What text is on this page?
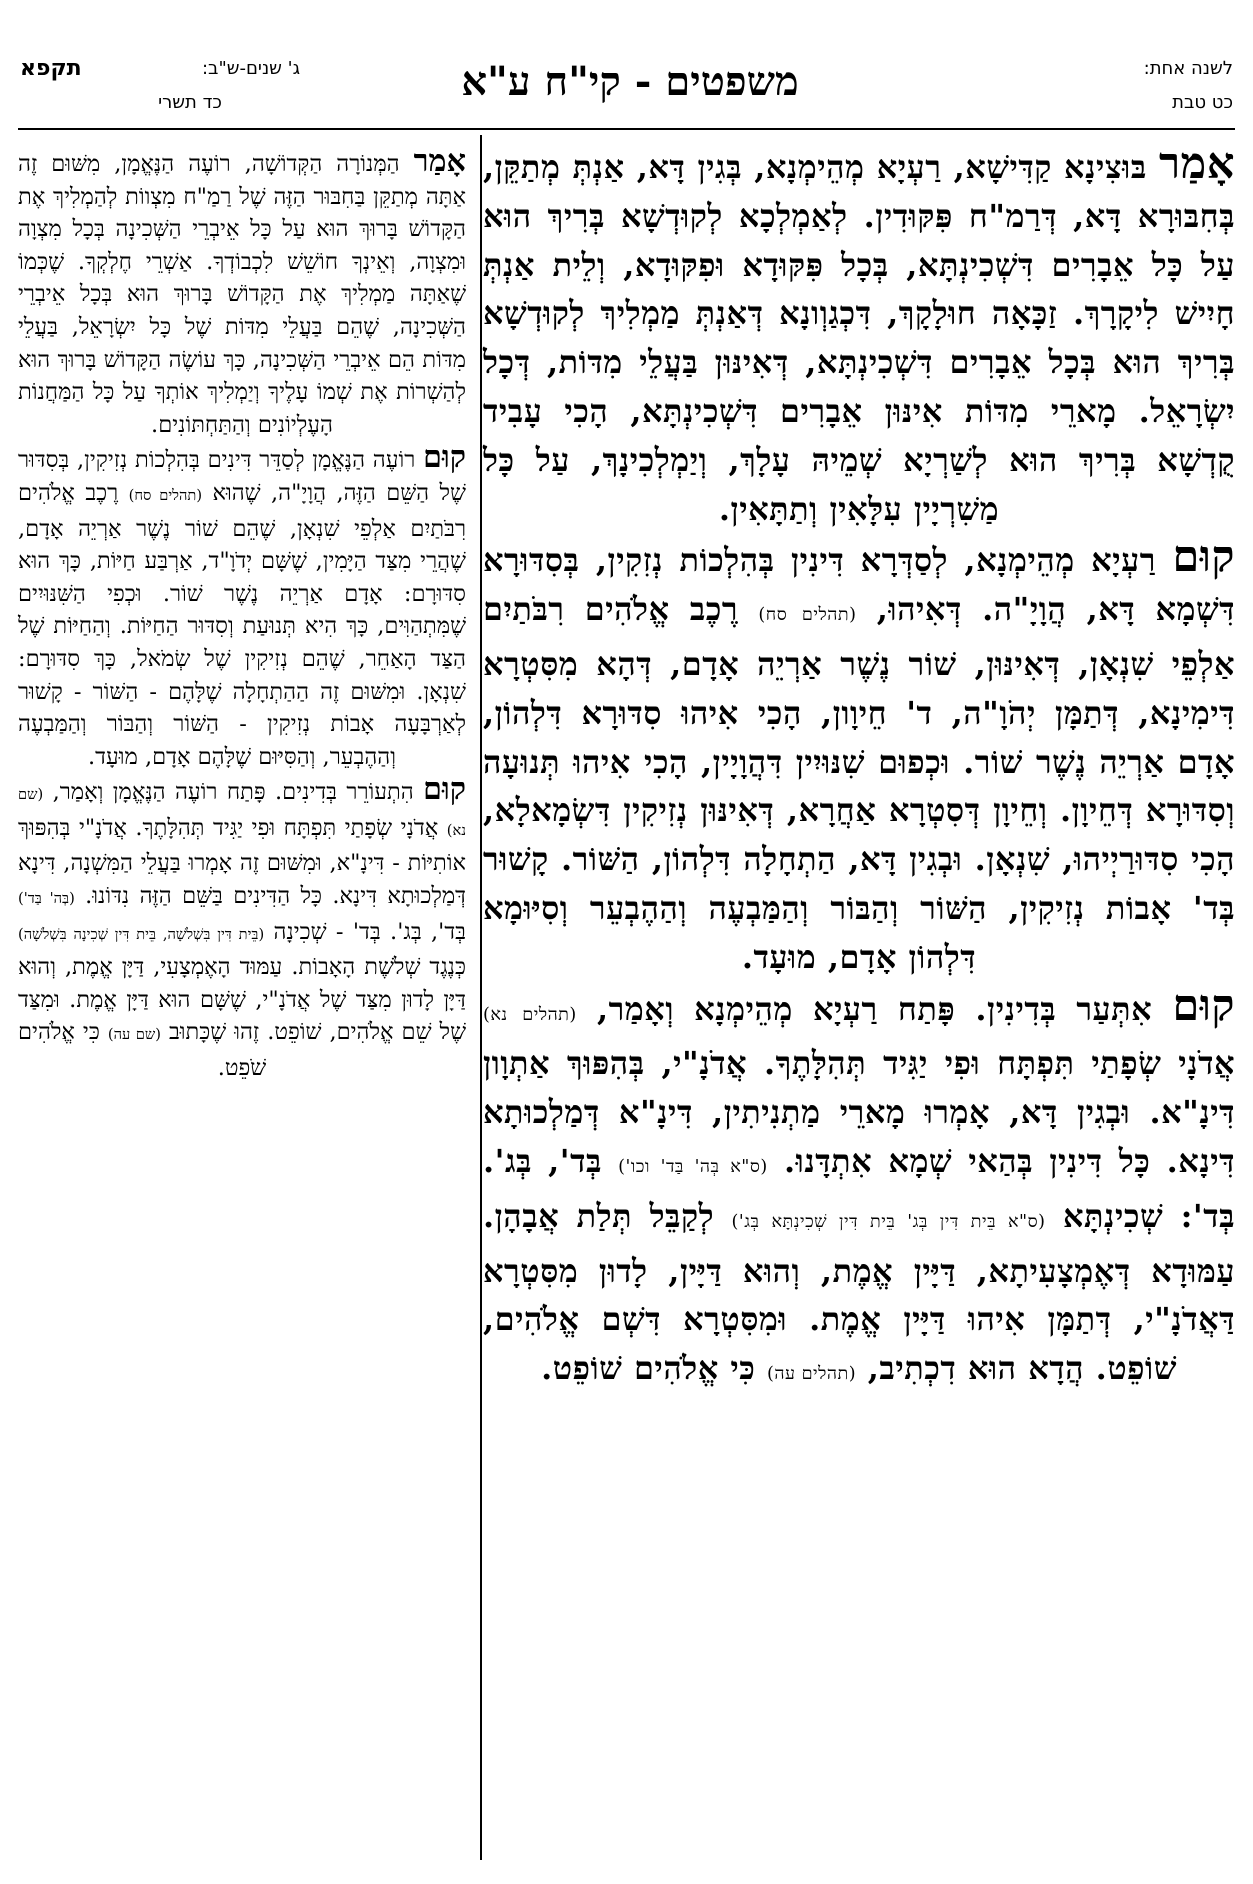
לשנה אחת:
כט טבת
משפטים - קי"ח ע"א
ג' שנים-ש"ב:
תקפא
כד תשרי

אָמַר בּוּצִינָא קַדִּישָׁא, רַעְיָא מְהֵימְנָא, בְּגִין דָּא, אַנְתְּ מְתַקֵּן, בְּחִבּוּרָא דָּא, דְּרַמ"ח פִּקּוּדִין. לְאַמְלְכָא לְקוּדְשָׁא בְּרִיךְ הוּא עַל כָּל אֵבָרִים דִּשְׁכִינְתָּא, בְּכָל פִּקּוּדָא וּפִקּוּדָא, וְלֵית אַנְתְּ חָיִישׁ לִיקָרָךְ. זַכָּאָה חוּלָקָךְ, דִּכְגַוְונָא דְּאַנְתְּ מַמְלִיךְ לְקוּדְשָׁא בְּרִיךְ הוּא בְּכָל אֵבָרִים דִּשְׁכִינְתָּא, דְּאִינּוּן בַּעֲלֵי מִדּוֹת, דְּכָל יִשְׂרָאֵל. מָארֵי מִדּוֹת אִינּוּן אֵבָרִים דִּשְׁכִינְתָּא, הָכִי עָבִיד קֻדְשָׁא בְּרִיךְ הוּא לְשַׁרְיָא שְׁמֵיהּ עָלָךְ, וְיַמְלְכִינָךְ, עַל כָּל מַשִׁרְיָין עִלָּאִין וְתַתָּאִין.

קוּם רַעְיָא מְהֵימְנָא, לְסַדְּרָא דִּינִין בְּהִלְכוֹת נְזִקִין, בְּסִדּוּרָא דִּשְׁמָא דָּא, הֲוָיָ"ה. דְּאִיהוּ, (תהלים סח) רֶכֶב אֱלֹהִים רִבֹּתַיִם אַלְפֵי שִׁנְאָן, דְּאִינּוּן, שׁוֹר נֶשֶׁר אַרְיֵה אָדָם, דְּהָא מִסִּטְרָא דִּימִינָא, דְּתַמָּן יְהֹוָ"ה, ד' חֵיוָון, הָכִי אִיהוּ סִדּוּרָא דִּלְהוֹן, אָדָם אַרְיֵה נֶשֶׁר שׁוֹר. וּכְפוּם שִׁנּוּיִין דִּהֲוָיָין, הָכִי אִיהוּ תְּנוּעָה וְסִדּוּרָא דְּחֵיוָן. וְחֵיוָן דְּסִטְרָא אַחֲרָא, דְּאִינּוּן נְזִיקִין דִּשְׂמָאלָא, הָכִי סִדּוּרַיְיהוּ, שִׁנְאָן. וּבְגִין דָּא, הַתְחָלָה דִּלְהוֹן, הַשּׁוֹר. קָשׁוּר בְּד' אָבוֹת נְזִיקִין, הַשּׁוֹר וְהַבּוֹר וְהַמַּבְעֶה וְהַהֶבְעֵר וְסִיּוּמָא דִּלְהוֹן אָדָם, מוּעָד.

קוּם אִתְּעַר בְּדִינִין. פָּתַח רַעְיָא מְהֵימְנָא וְאָמַר, (תהלים נא) אֲדֹנָי שְׂפָתַי תִּפְתָּח וּפִי יַגִּיד תְּהִלָּתֶךָ. אֲדֹנָ"י, בְּהִפּוּךְ אַתְוָון דִּינָ"א. וּבְגִין דָּא, אָמְרוּ מָארֵי מַתְנִיתִין, דִּינָ"א דְּמַלְכוּתָא דִּינָא. כָּל דִּינִין בְּהַאי שְׁמָא אִתְדָּנוּ. (ס"א בְּה' בַּד' וכו') בְּד', בְּג'. בְּד': שְׁכִינְתָּא (ס"א בֵּית דִּין בְּג' בֵּית דִּין שְׁכִינְתָּא בְּג') לְקַבֵּל תְּלַת אֲבָהָן. עַמּוּדָא דְּאֶמְצָעִיתָא, דַּיָּין אֱמֶת, וְהוּא דַּיָּין, לָדוּן מִסִּטְרָא דַּאֲדֹנָ"י, דְּתַמָּן אִיהוּ דַּיָּין אֱמֶת. וּמִסִּטְרָא דִּשְׁם אֱלֹהִים, שׁוֹפֵט. הֲדָא הוּא דִכְתִיב, (תהלים עה) כִּי אֱלֹהִים שׁוֹפֵט.

אָמַר הַמְּנוֹרָה הַקְּדוֹשָׁה, רוֹעֶה הַנֶּאֱמָן, מִשּׁוּם זֶה אַתָּה מְתַקֵּן בַּחִבּוּר הַזֶּה שֶׁל רַמַ"ח מִצְווֹת לְהַמְלִיךְ אֶת הַקָּדוֹשׁ בָּרוּךְ הוּא עַל כָּל אֵיבְרֵי הַשְּׁכִינָה בְּכָל מִצְוָה וּמִצְוָה, וְאֵינְךָ חוֹשֵׁשׁ לִכְבוֹדְךָ. אַשְׁרֵי חֶלְקְךָ. שֶׁכְּמוֹ שֶׁאַתָּה מַמְלִיךְ אֶת הַקָּדוֹשׁ בָּרוּךְ הוּא בְּכָל אֵיבְרֵי הַשְּׁכִינָה, שֶׁהֵם בַּעֲלֵי מִדּוֹת שֶׁל כָּל יִשְׂרָאֵל, בַּעֲלֵי מִדּוֹת הֵם אֵיבְרֵי הַשְּׁכִינָה, כָּךְ עוֹשֶׂה הַקָּדוֹשׁ בָּרוּךְ הוּא לְהַשְׁרוֹת אֶת שְׁמוֹ עָלֶיךָ וְיַמְלִיךְ אוֹתְךָ עַל כָּל הַמַּחֲנוֹת הָעֶלְיוֹנִים וְהַתַּחְתּוֹנִים.

קוּם רוֹעֶה הַנֶּאֱמָן לְסַדֵּר דִּינִים בְּהִלְכוֹת נְזִיקִין, בְּסִדּוּר שֶׁל הַשֵּׁם הַזֶּה, הֲוָיָ"ה, שֶׁהוּא (תהלים סח) רֶכֶב אֱלֹהִים רִבֹּתַיִם אַלְפֵי שִׁנְאָן, שֶׁהֵם שׁוֹר נֶשֶׁר אַרְיֵה אָדָם, שֶׁהֲרֵי מִצַּד הַיָּמִין, שֶׁשָּׁם יְדֹוָ"ד, אַרְבַּע חַיּוֹת, כָּךְ הוּא סִדּוּרָם: אָדָם אַרְיֵה נֶשֶׁר שׁוֹר. וּכְפִי הַשִּׁנּוּיִים שֶׁמִּתְהַוִּים, כָּךְ הִיא תְּנוּעַת וְסִדּוּר הַחַיּוֹת. וְהַחַיּוֹת שֶׁל הַצַּד הָאַחֵר, שֶׁהֵם נְזִיקִין שֶׁל שְׂמֹאל, כָּךְ סִדּוּרָם: שִׁנְאָן. וּמִשּׁוּם זֶה הַהַתְחָלָה שֶׁלָּהֶם - הַשּׁוֹר - קָשׁוּר לְאַרְבָּעָה אָבוֹת נְזִיקִין - הַשּׁוֹר וְהַבּוֹר וְהַמַּבְעֶה וְהַהֶבְעֵר, וְהַסִּיּוּם שֶׁלָּהֶם אָדָם, מוּעָד.

קוּם הִתְעוֹרֵר בְּדִינִים. פָּתַח רוֹעֶה הַנֶּאֱמָן וְאָמַר, (שם נא) אֲדֹנָי שְׂפָתַי תִּפְתָּח וּפִי יַגִּיד תְּהִלָּתֶךָ. אֲדֹנָ"י בְּהִפּוּךְ אוֹתִיּוֹת - דִּינָ"א, וּמִשּׁוּם זֶה אָמְרוּ בַּעֲלֵי הַמִּשְׁנָה, דִּינָא דְּמַלְכוּתָא דִּינָא. כָּל הַדִּינִים בַּשֵּׁם הַזֶּה נִדּוֹנוּ. (בְּה' בַּד') בְּד', בְּג'. בְּד' - שְׁכִינָה (בֵּית דִּין בִּשְׁלֹשָׁה, בֵּית דִּין שְׁכִינָה בִּשְׁלֹשָׁה) כְּנֶגֶד שְׁלֹשֶׁת הָאָבוֹת. עַמּוּד הָאֶמְצָעִי, דַּיָּן אֱמֶת, וְהוּא דַּיָּן לָדוּן מִצַּד שֶׁל אֲדֹנָ"י, שֶׁשָּׁם הוּא דַּיָּן אֱמֶת. וּמִצַּד שֶׁל שֵׁם אֱלֹהִים, שׁוֹפֵט. זֶהוּ שֶׁכָּתוּב (שם עה) כִּי אֱלֹהִים שֹׁפֵט.
